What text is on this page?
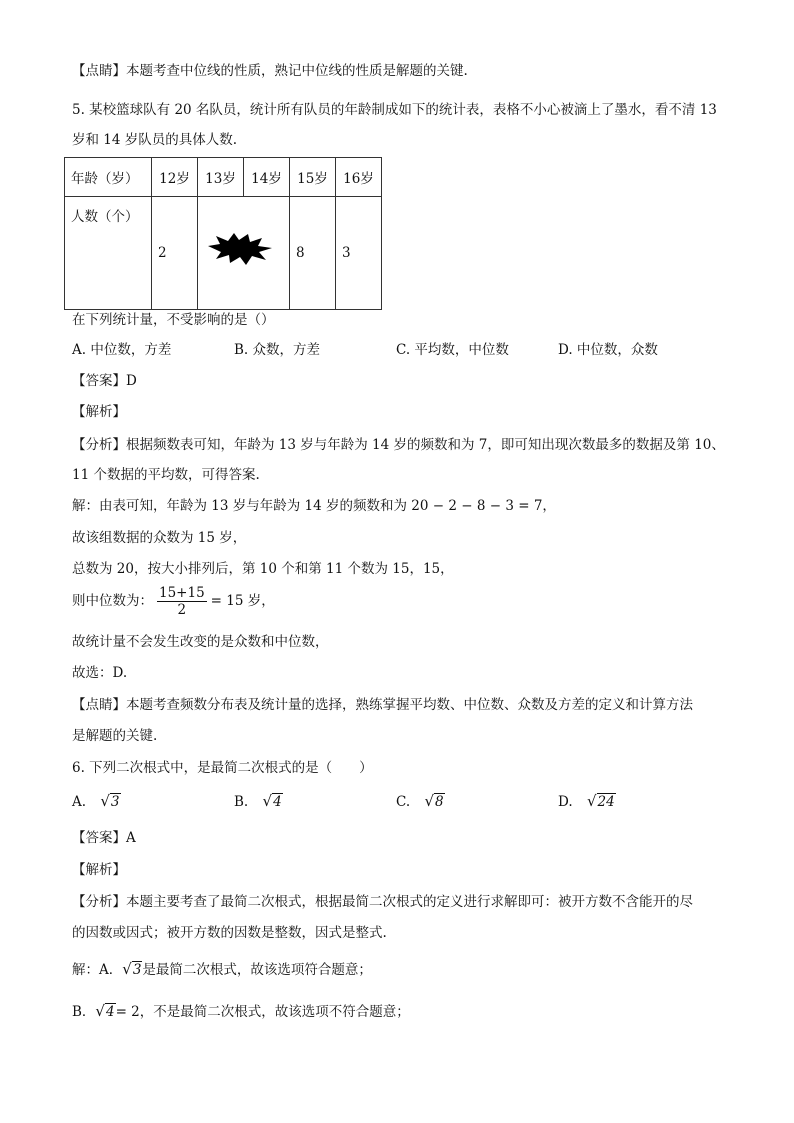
【点睛】本题考查中位线的性质，熟记中位线的性质是解题的关键.
5. 某校篮球队有 20 名队员，统计所有队员的年龄制成如下的统计表，表格不小心被滴上了墨水，看不清 13
岁和 14 岁队员的具体人数.
年龄（岁）	12岁	13岁	14岁	15岁	16岁
人数（个）	2			8	3
在下列统计量，不受影响的是（）
A. 中位数，方差	B. 众数，方差	C. 平均数，中位数	D. 中位数，众数
【答案】D
【解析】
【分析】根据频数表可知，年龄为 13 岁与年龄为 14 岁的频数和为 7，即可知出现次数最多的数据及第 10、
11 个数据的平均数，可得答案.
解：由表可知，年龄为 13 岁与年龄为 14 岁的频数和为 20 − 2 − 8 − 3 = 7，
故该组数据的众数为 15 岁，
总数为 20，按大小排列后，第 10 个和第 11 个数为 15，15，
则中位数为： $\frac{15+15}{2} = 15$ 岁，
故统计量不会发生改变的是众数和中位数，
故选：D.
【点睛】本题考查频数分布表及统计量的选择，熟练掌握平均数、中位数、众数及方差的定义和计算方法
是解题的关键.
6. 下列二次根式中，是最简二次根式的是（　　）
A. √3	B. √4	C. √8	D. √24
【答案】A
【解析】
【分析】本题主要考查了最简二次根式，根据最简二次根式的定义进行求解即可：被开方数不含能开的尽
的因数或因式；被开方数的因数是整数，因式是整式.
解：A．√3是最简二次根式，故该选项符合题意；
B．√4= 2，不是最简二次根式，故该选项不符合题意；
